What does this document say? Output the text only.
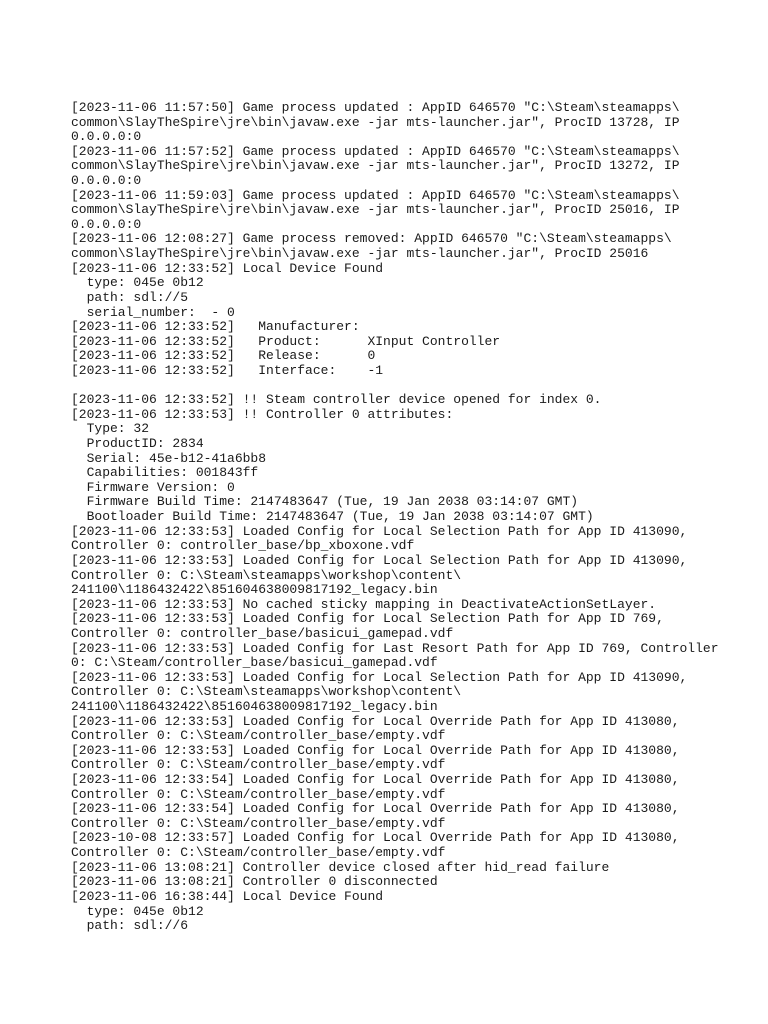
[2023-11-06 11:57:50] Game process updated : AppID 646570 "C:\Steam\steamapps\
common\SlayTheSpire\jre\bin\javaw.exe -jar mts-launcher.jar", ProcID 13728, IP
0.0.0.0:0
[2023-11-06 11:57:52] Game process updated : AppID 646570 "C:\Steam\steamapps\
common\SlayTheSpire\jre\bin\javaw.exe -jar mts-launcher.jar", ProcID 13272, IP
0.0.0.0:0
[2023-11-06 11:59:03] Game process updated : AppID 646570 "C:\Steam\steamapps\
common\SlayTheSpire\jre\bin\javaw.exe -jar mts-launcher.jar", ProcID 25016, IP
0.0.0.0:0
[2023-11-06 12:08:27] Game process removed: AppID 646570 "C:\Steam\steamapps\
common\SlayTheSpire\jre\bin\javaw.exe -jar mts-launcher.jar", ProcID 25016
[2023-11-06 12:33:52] Local Device Found
type: 045e 0b12
path: sdl://5
serial_number:  - 0
[2023-11-06 12:33:52]   Manufacturer:
[2023-11-06 12:33:52]   Product:      XInput Controller
[2023-11-06 12:33:52]   Release:      0
[2023-11-06 12:33:52]   Interface:    -1
[2023-11-06 12:33:52] !! Steam controller device opened for index 0.
[2023-11-06 12:33:53] !! Controller 0 attributes:
Type: 32
ProductID: 2834
Serial: 45e-b12-41a6bb8
Capabilities: 001843ff
Firmware Version: 0
Firmware Build Time: 2147483647 (Tue, 19 Jan 2038 03:14:07 GMT)
Bootloader Build Time: 2147483647 (Tue, 19 Jan 2038 03:14:07 GMT)
[2023-11-06 12:33:53] Loaded Config for Local Selection Path for App ID 413090,
Controller 0: controller_base/bp_xboxone.vdf
[2023-11-06 12:33:53] Loaded Config for Local Selection Path for App ID 413090,
Controller 0: C:\Steam\steamapps\workshop\content\
241100\1186432422\851604638009817192_legacy.bin
[2023-11-06 12:33:53] No cached sticky mapping in DeactivateActionSetLayer.
[2023-11-06 12:33:53] Loaded Config for Local Selection Path for App ID 769,
Controller 0: controller_base/basicui_gamepad.vdf
[2023-11-06 12:33:53] Loaded Config for Last Resort Path for App ID 769, Controller
0: C:\Steam/controller_base/basicui_gamepad.vdf
[2023-11-06 12:33:53] Loaded Config for Local Selection Path for App ID 413090,
Controller 0: C:\Steam\steamapps\workshop\content\
241100\1186432422\851604638009817192_legacy.bin
[2023-11-06 12:33:53] Loaded Config for Local Override Path for App ID 413080,
Controller 0: C:\Steam/controller_base/empty.vdf
[2023-11-06 12:33:53] Loaded Config for Local Override Path for App ID 413080,
Controller 0: C:\Steam/controller_base/empty.vdf
[2023-11-06 12:33:54] Loaded Config for Local Override Path for App ID 413080,
Controller 0: C:\Steam/controller_base/empty.vdf
[2023-11-06 12:33:54] Loaded Config for Local Override Path for App ID 413080,
Controller 0: C:\Steam/controller_base/empty.vdf
[2023-10-08 12:33:57] Loaded Config for Local Override Path for App ID 413080,
Controller 0: C:\Steam/controller_base/empty.vdf
[2023-11-06 13:08:21] Controller device closed after hid_read failure
[2023-11-06 13:08:21] Controller 0 disconnected
[2023-11-06 16:38:44] Local Device Found
type: 045e 0b12
path: sdl://6
